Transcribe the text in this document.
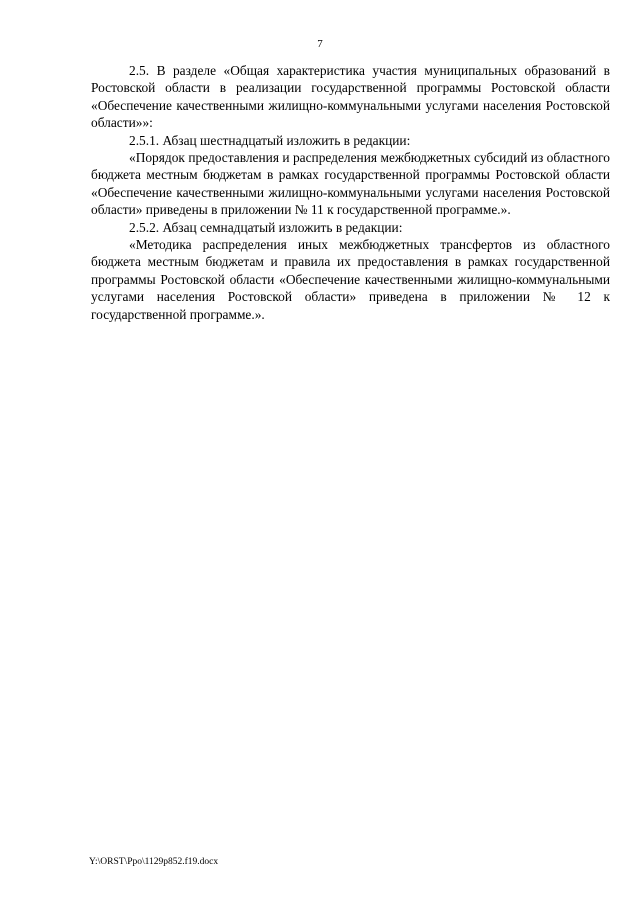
7

2.5. В разделе «Общая характеристика участия муниципальных образований в Ростовской области в реализации государственной программы Ростовской области «Обеспечение качественными жилищно-коммунальными услугами населения Ростовской области»»:

2.5.1. Абзац шестнадцатый изложить в редакции:

«Порядок предоставления и распределения межбюджетных субсидий из областного бюджета местным бюджетам в рамках государственной программы Ростовской области «Обеспечение качественными жилищно-коммунальными услугами населения Ростовской области» приведены в приложении № 11 к государственной программе.».

2.5.2. Абзац семнадцатый изложить в редакции:

«Методика распределения иных межбюджетных трансфертов из областного бюджета местным бюджетам и правила их предоставления в рамках государственной программы Ростовской области «Обеспечение качественными жилищно-коммунальными услугами населения Ростовской области» приведена в приложении № 12 к государственной программе.».

Y:\ORST\Ppo\1129p852.f19.docx
